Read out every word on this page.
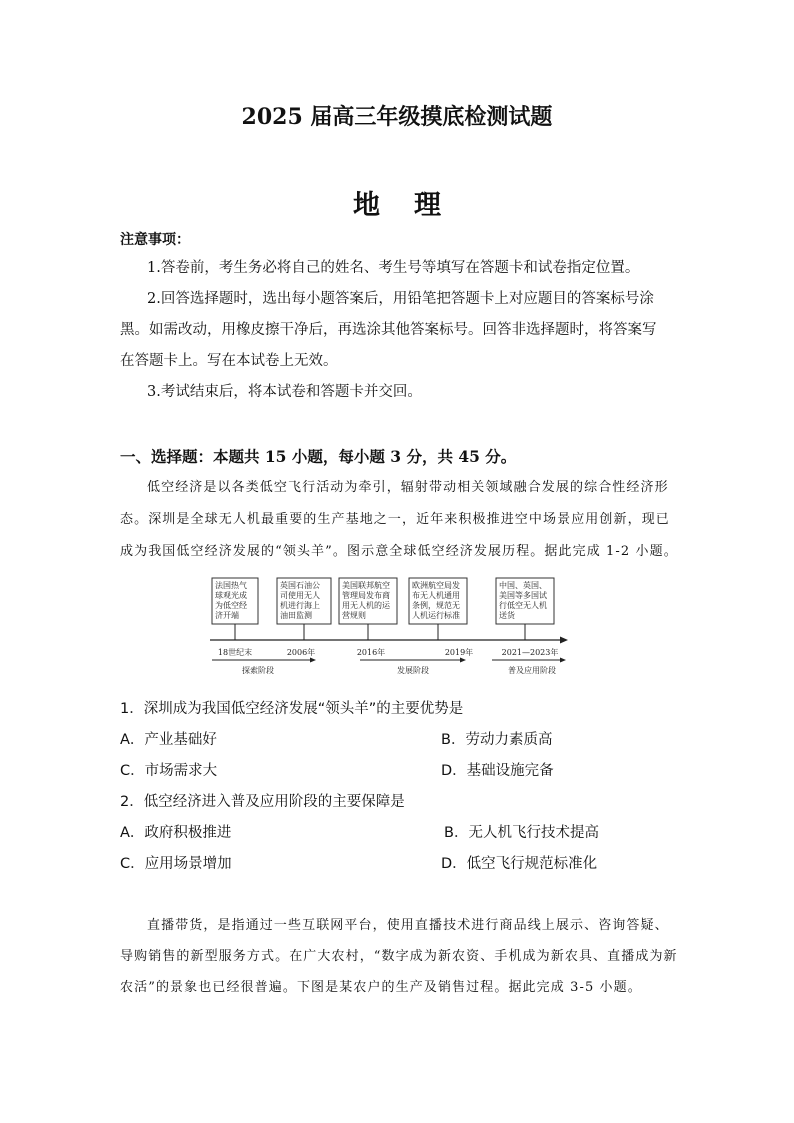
2025 届高三年级摸底检测试题
地理
注意事项：
1.答卷前，考生务必将自己的姓名、考生号等填写在答题卡和试卷指定位置。
2.回答选择题时，选出每小题答案后，用铅笔把答题卡上对应题目的答案标号涂
黑。如需改动，用橡皮擦干净后，再选涂其他答案标号。回答非选择题时，将答案写
在答题卡上。写在本试卷上无效。
3.考试结束后，将本试卷和答题卡并交回。
一、选择题：本题共 15 小题，每小题 3 分，共 45 分。
低空经济是以各类低空飞行活动为牵引，辐射带动相关领域融合发展的综合性经济形
态。深圳是全球无人机最重要的生产基地之一，近年来积极推进空中场景应用创新，现已
成为我国低空经济发展的“领头羊”。图示意全球低空经济发展历程。据此完成 1-2 小题。
法国热气
球观光成
为低空经
济开端
英国石油公
司使用无人
机进行海上
油田监测
美国联邦航空
管理局发布商
用无人机的运
营规则
欧洲航空局发
布无人机通用
条例，规范无
人机运行标准
中国、英国、
美国等多国试
行低空无人机
送货
18世纪末	2006年	2016年	2019年	2021—2023年
探索阶段	发展阶段	普及应用阶段
1．深圳成为我国低空经济发展“领头羊”的主要优势是
A．产业基础好	B．劳动力素质高
C．市场需求大	D．基础设施完备
2．低空经济进入普及应用阶段的主要保障是
A．政府积极推进	B．无人机飞行技术提高
C．应用场景增加	D．低空飞行规范标准化
直播带货，是指通过一些互联网平台，使用直播技术进行商品线上展示、咨询答疑、
导购销售的新型服务方式。在广大农村，“数字成为新农资、手机成为新农具、直播成为新
农活”的景象也已经很普遍。下图是某农户的生产及销售过程。据此完成 3-5 小题。
